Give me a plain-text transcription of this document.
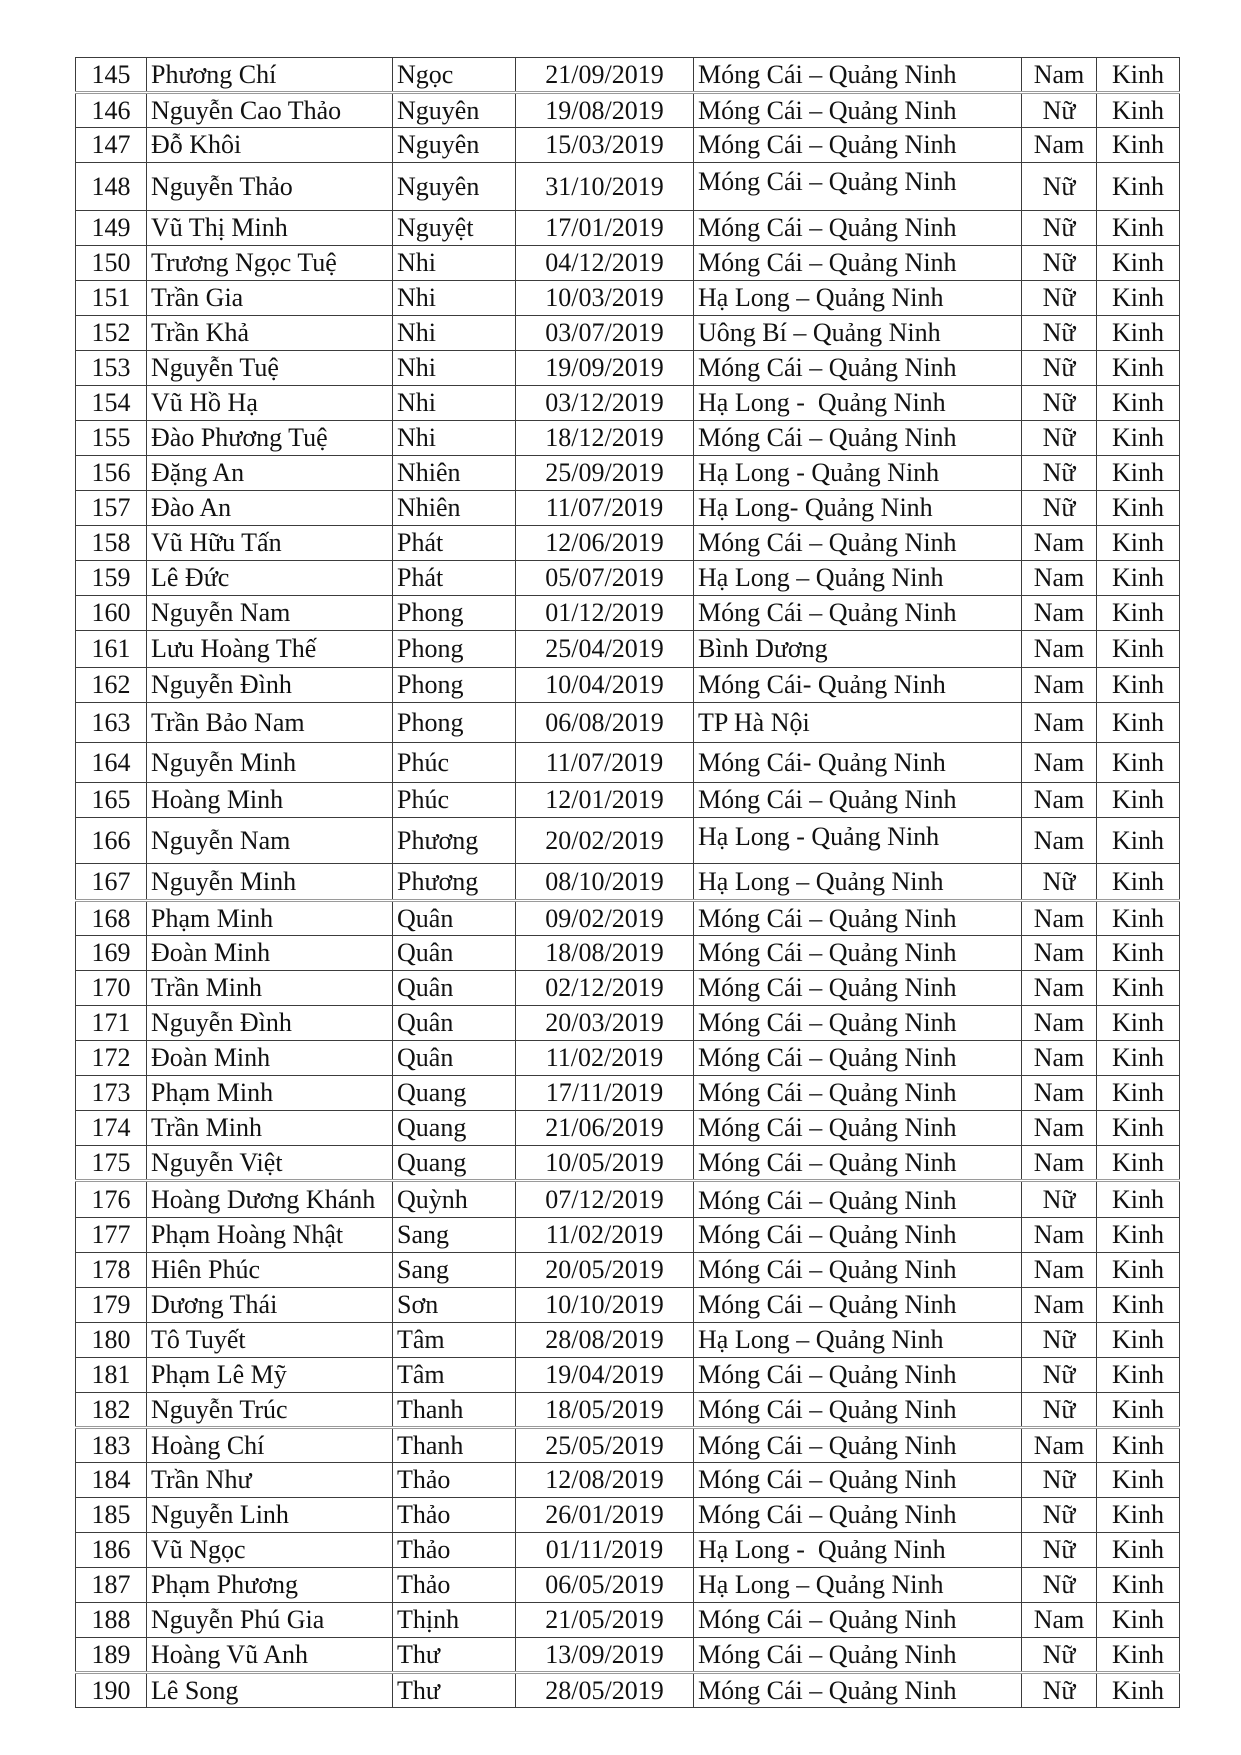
145	Phương Chí	Ngọc	21/09/2019	Móng Cái – Quảng Ninh	Nam	Kinh
146	Nguyễn Cao Thảo	Nguyên	19/08/2019	Móng Cái – Quảng Ninh	Nữ	Kinh
147	Đỗ Khôi	Nguyên	15/03/2019	Móng Cái – Quảng Ninh	Nam	Kinh
148	Nguyễn Thảo	Nguyên	31/10/2019	Móng Cái – Quảng Ninh	Nữ	Kinh
149	Vũ Thị Minh	Nguyệt	17/01/2019	Móng Cái – Quảng Ninh	Nữ	Kinh
150	Trương Ngọc Tuệ	Nhi	04/12/2019	Móng Cái – Quảng Ninh	Nữ	Kinh
151	Trần Gia	Nhi	10/03/2019	Hạ Long – Quảng Ninh	Nữ	Kinh
152	Trần Khả	Nhi	03/07/2019	Uông Bí – Quảng Ninh	Nữ	Kinh
153	Nguyễn Tuệ	Nhi	19/09/2019	Móng Cái – Quảng Ninh	Nữ	Kinh
154	Vũ Hồ Hạ	Nhi	03/12/2019	Hạ Long -  Quảng Ninh	Nữ	Kinh
155	Đào Phương Tuệ	Nhi	18/12/2019	Móng Cái – Quảng Ninh	Nữ	Kinh
156	Đặng An	Nhiên	25/09/2019	Hạ Long - Quảng Ninh	Nữ	Kinh
157	Đào An	Nhiên	11/07/2019	Hạ Long- Quảng Ninh	Nữ	Kinh
158	Vũ Hữu Tấn	Phát	12/06/2019	Móng Cái – Quảng Ninh	Nam	Kinh
159	Lê Đức	Phát	05/07/2019	Hạ Long – Quảng Ninh	Nam	Kinh
160	Nguyễn Nam	Phong	01/12/2019	Móng Cái – Quảng Ninh	Nam	Kinh
161	Lưu Hoàng Thế	Phong	25/04/2019	Bình Dương	Nam	Kinh
162	Nguyễn Đình	Phong	10/04/2019	Móng Cái- Quảng Ninh	Nam	Kinh
163	Trần Bảo Nam	Phong	06/08/2019	TP Hà Nội	Nam	Kinh
164	Nguyễn Minh	Phúc	11/07/2019	Móng Cái- Quảng Ninh	Nam	Kinh
165	Hoàng Minh	Phúc	12/01/2019	Móng Cái – Quảng Ninh	Nam	Kinh
166	Nguyễn Nam	Phương	20/02/2019	Hạ Long - Quảng Ninh	Nam	Kinh
167	Nguyễn Minh	Phương	08/10/2019	Hạ Long – Quảng Ninh	Nữ	Kinh
168	Phạm Minh	Quân	09/02/2019	Móng Cái – Quảng Ninh	Nam	Kinh
169	Đoàn Minh	Quân	18/08/2019	Móng Cái – Quảng Ninh	Nam	Kinh
170	Trần Minh	Quân	02/12/2019	Móng Cái – Quảng Ninh	Nam	Kinh
171	Nguyễn Đình	Quân	20/03/2019	Móng Cái – Quảng Ninh	Nam	Kinh
172	Đoàn Minh	Quân	11/02/2019	Móng Cái – Quảng Ninh	Nam	Kinh
173	Phạm Minh	Quang	17/11/2019	Móng Cái – Quảng Ninh	Nam	Kinh
174	Trần Minh	Quang	21/06/2019	Móng Cái – Quảng Ninh	Nam	Kinh
175	Nguyễn Việt	Quang	10/05/2019	Móng Cái – Quảng Ninh	Nam	Kinh
176	Hoàng Dương Khánh	Quỳnh	07/12/2019	Móng Cái – Quảng Ninh	Nữ	Kinh
177	Phạm Hoàng Nhật	Sang	11/02/2019	Móng Cái – Quảng Ninh	Nam	Kinh
178	Hiên Phúc	Sang	20/05/2019	Móng Cái – Quảng Ninh	Nam	Kinh
179	Dương Thái	Sơn	10/10/2019	Móng Cái – Quảng Ninh	Nam	Kinh
180	Tô Tuyết	Tâm	28/08/2019	Hạ Long – Quảng Ninh	Nữ	Kinh
181	Phạm Lê Mỹ	Tâm	19/04/2019	Móng Cái – Quảng Ninh	Nữ	Kinh
182	Nguyễn Trúc	Thanh	18/05/2019	Móng Cái – Quảng Ninh	Nữ	Kinh
183	Hoàng Chí	Thanh	25/05/2019	Móng Cái – Quảng Ninh	Nam	Kinh
184	Trần Như	Thảo	12/08/2019	Móng Cái – Quảng Ninh	Nữ	Kinh
185	Nguyễn Linh	Thảo	26/01/2019	Móng Cái – Quảng Ninh	Nữ	Kinh
186	Vũ Ngọc	Thảo	01/11/2019	Hạ Long -  Quảng Ninh	Nữ	Kinh
187	Phạm Phương	Thảo	06/05/2019	Hạ Long – Quảng Ninh	Nữ	Kinh
188	Nguyễn Phú Gia	Thịnh	21/05/2019	Móng Cái – Quảng Ninh	Nam	Kinh
189	Hoàng Vũ Anh	Thư	13/09/2019	Móng Cái – Quảng Ninh	Nữ	Kinh
190	Lê Song	Thư	28/05/2019	Móng Cái – Quảng Ninh	Nữ	Kinh
